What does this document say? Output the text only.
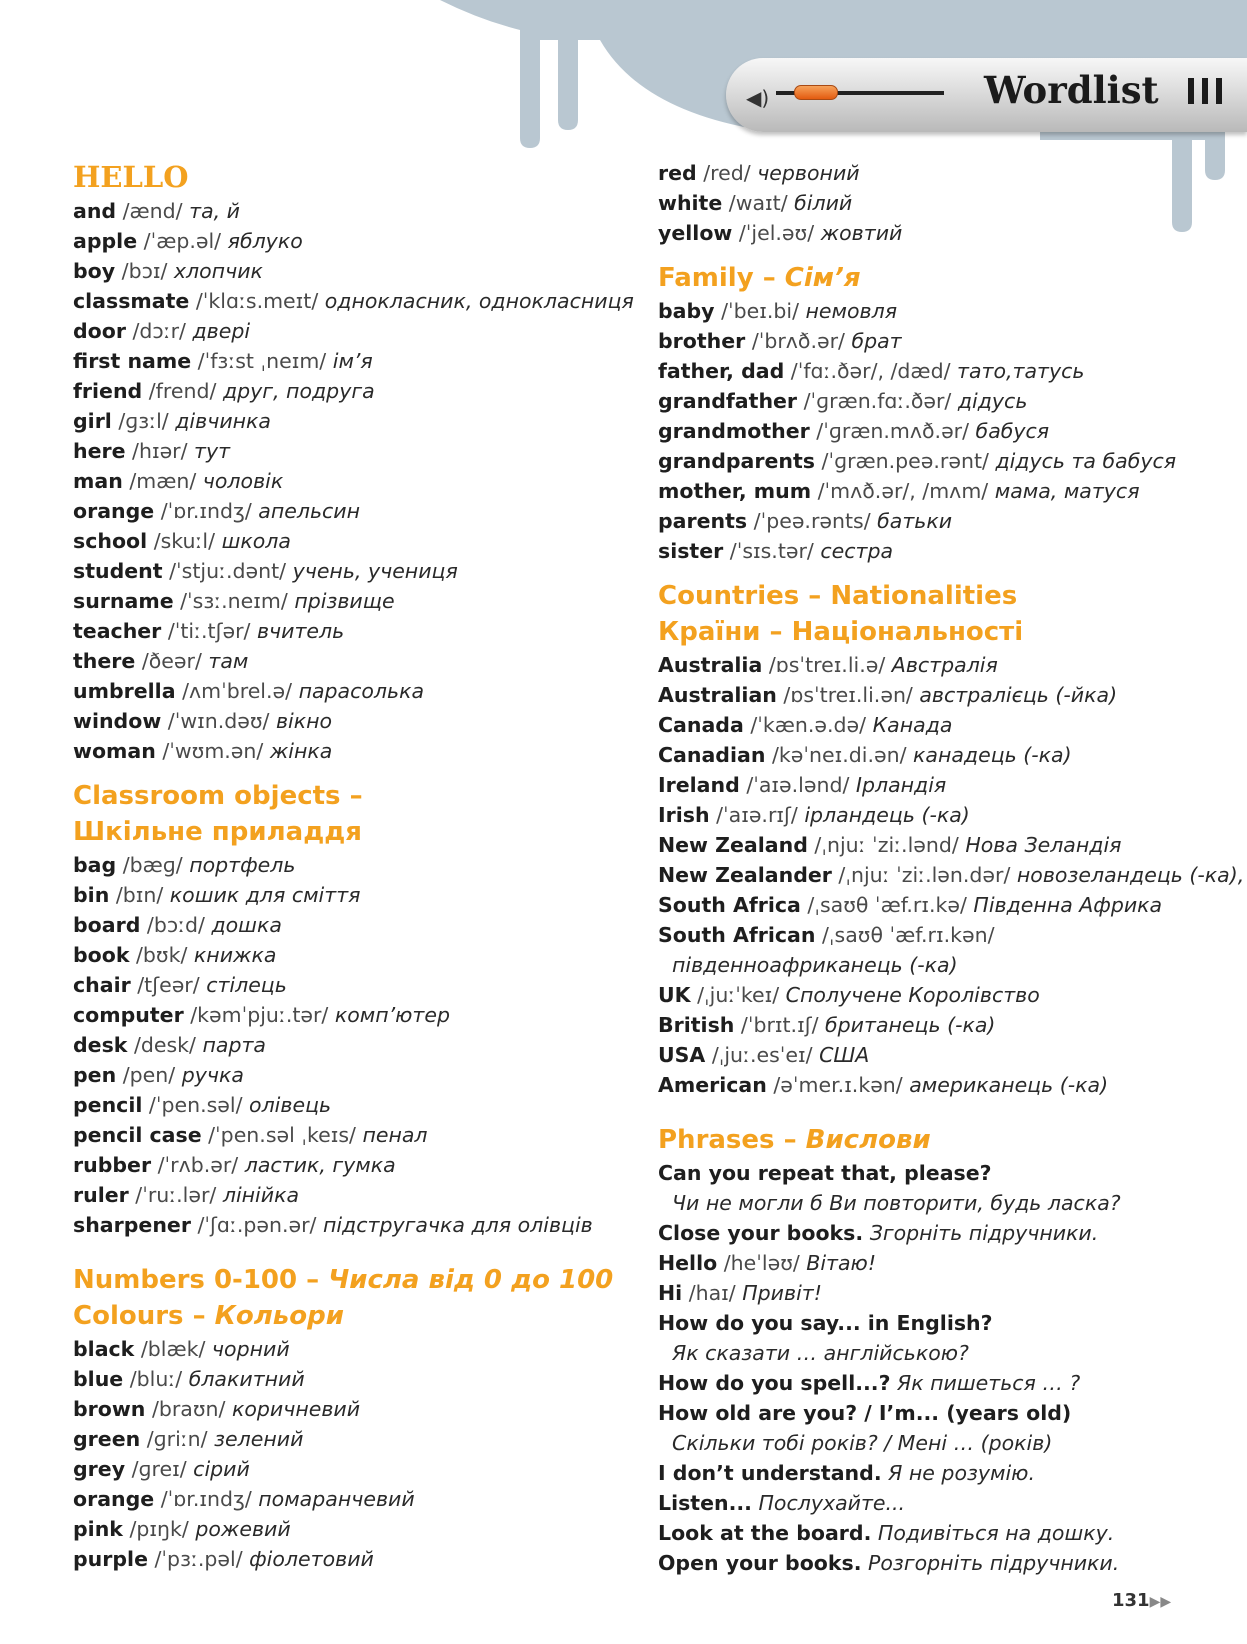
◀)	Wordlist
HELLO
and /ænd/ та, й
apple /ˈæp.əl/ яблуко
boy /bɔɪ/ хлопчик
classmate /ˈklɑːs.meɪt/ однокласник, однокласниця
door /dɔːr/ двері
first name /ˈfɜːst ˌneɪm/ ім’я
friend /frend/ друг, подруга
girl /ɡɜːl/ дівчинка
here /hɪər/ тут
man /mæn/ чоловік
orange /ˈɒr.ɪndʒ/ апельсин
school /skuːl/ школа
student /ˈstjuː.dənt/ учень, учениця
surname /ˈsɜː.neɪm/ прізвище
teacher /ˈtiː.tʃər/ вчитель
there /ðeər/ там
umbrella /ʌmˈbrel.ə/ парасолька
window /ˈwɪn.dəʊ/ вікно
woman /ˈwʊm.ən/ жінка
Classroom objects –
Шкільне приладдя
bag /bæɡ/ портфель
bin /bɪn/ кошик для сміття
board /bɔːd/ дошка
book /bʊk/ книжка
chair /tʃeər/ стілець
computer /kəmˈpjuː.tər/ комп’ютер
desk /desk/ парта
pen /pen/ ручка
pencil /ˈpen.səl/ олівець
pencil case /ˈpen.səl ˌkeɪs/ пенал
rubber /ˈrʌb.ər/ ластик, гумка
ruler /ˈruː.lər/ лінійка
sharpener /ˈʃɑː.pən.ər/ підстругачка для олівців
Numbers 0-100 – Числа від 0 до 100
Colours – Кольори
black /blæk/ чорний
blue /bluː/ блакитний
brown /braʊn/ коричневий
green /ɡriːn/ зелений
grey /ɡreɪ/ сірий
orange /ˈɒr.ɪndʒ/ помаранчевий
pink /pɪŋk/ рожевий
purple /ˈpɜː.pəl/ фіолетовий
red /red/ червоний
white /waɪt/ білий
yellow /ˈjel.əʊ/ жовтий
Family – Сім’я
baby /ˈbeɪ.bi/ немовля
brother /ˈbrʌð.ər/ брат
father, dad /ˈfɑː.ðər/, /dæd/ тато,татусь
grandfather /ˈɡræn.fɑː.ðər/ дідусь
grandmother /ˈɡræn.mʌð.ər/ бабуся
grandparents /ˈɡræn.peə.rənt/ дідусь та бабуся
mother, mum /ˈmʌð.ər/, /mʌm/ мама, матуся
parents /ˈpeə.rənts/ батьки
sister /ˈsɪs.tər/ сестра
Countries – Nationalities
Країни – Національності
Australia /ɒsˈtreɪ.li.ə/ Австралія
Australian /ɒsˈtreɪ.li.ən/ австралієць (-йка)
Canada /ˈkæn.ə.də/ Канада
Canadian /kəˈneɪ.di.ən/ канадець (-ка)
Ireland /ˈaɪə.lənd/ Ірландія
Irish /ˈaɪə.rɪʃ/ ірландець (-ка)
New Zealand /ˌnjuː ˈziː.lənd/ Нова Зеландія
New Zealander /ˌnjuː ˈziː.lən.dər/ новозеландець (-ка),
South Africa /ˌsaʊθ ˈæf.rɪ.kə/ Південна Африка
South African /ˌsaʊθ ˈæf.rɪ.kən/
південноафриканець (-ка)
UK /ˌjuːˈkeɪ/ Сполучене Королівство
British /ˈbrɪt.ɪʃ/ британець (-ка)
USA /ˌjuː.esˈeɪ/ США
American /əˈmer.ɪ.kən/ американець (-ка)
Phrases – Вислови
Can you repeat that, please?
Чи не могли б Ви повторити, будь ласка?
Close your books. Згорніть підручники.
Hello /heˈləʊ/ Вітаю!
Hi /haɪ/ Привіт!
How do you say... in English?
Як сказати … англійською?
How do you spell...? Як пишеться … ?
How old are you? / I’m... (years old)
Скільки тобі років? / Мені … (років)
I don’t understand. Я не розумію.
Listen... Послухайте...
Look at the board. Подивіться на дошку.
Open your books. Розгорніть підручники.
131▶▶
